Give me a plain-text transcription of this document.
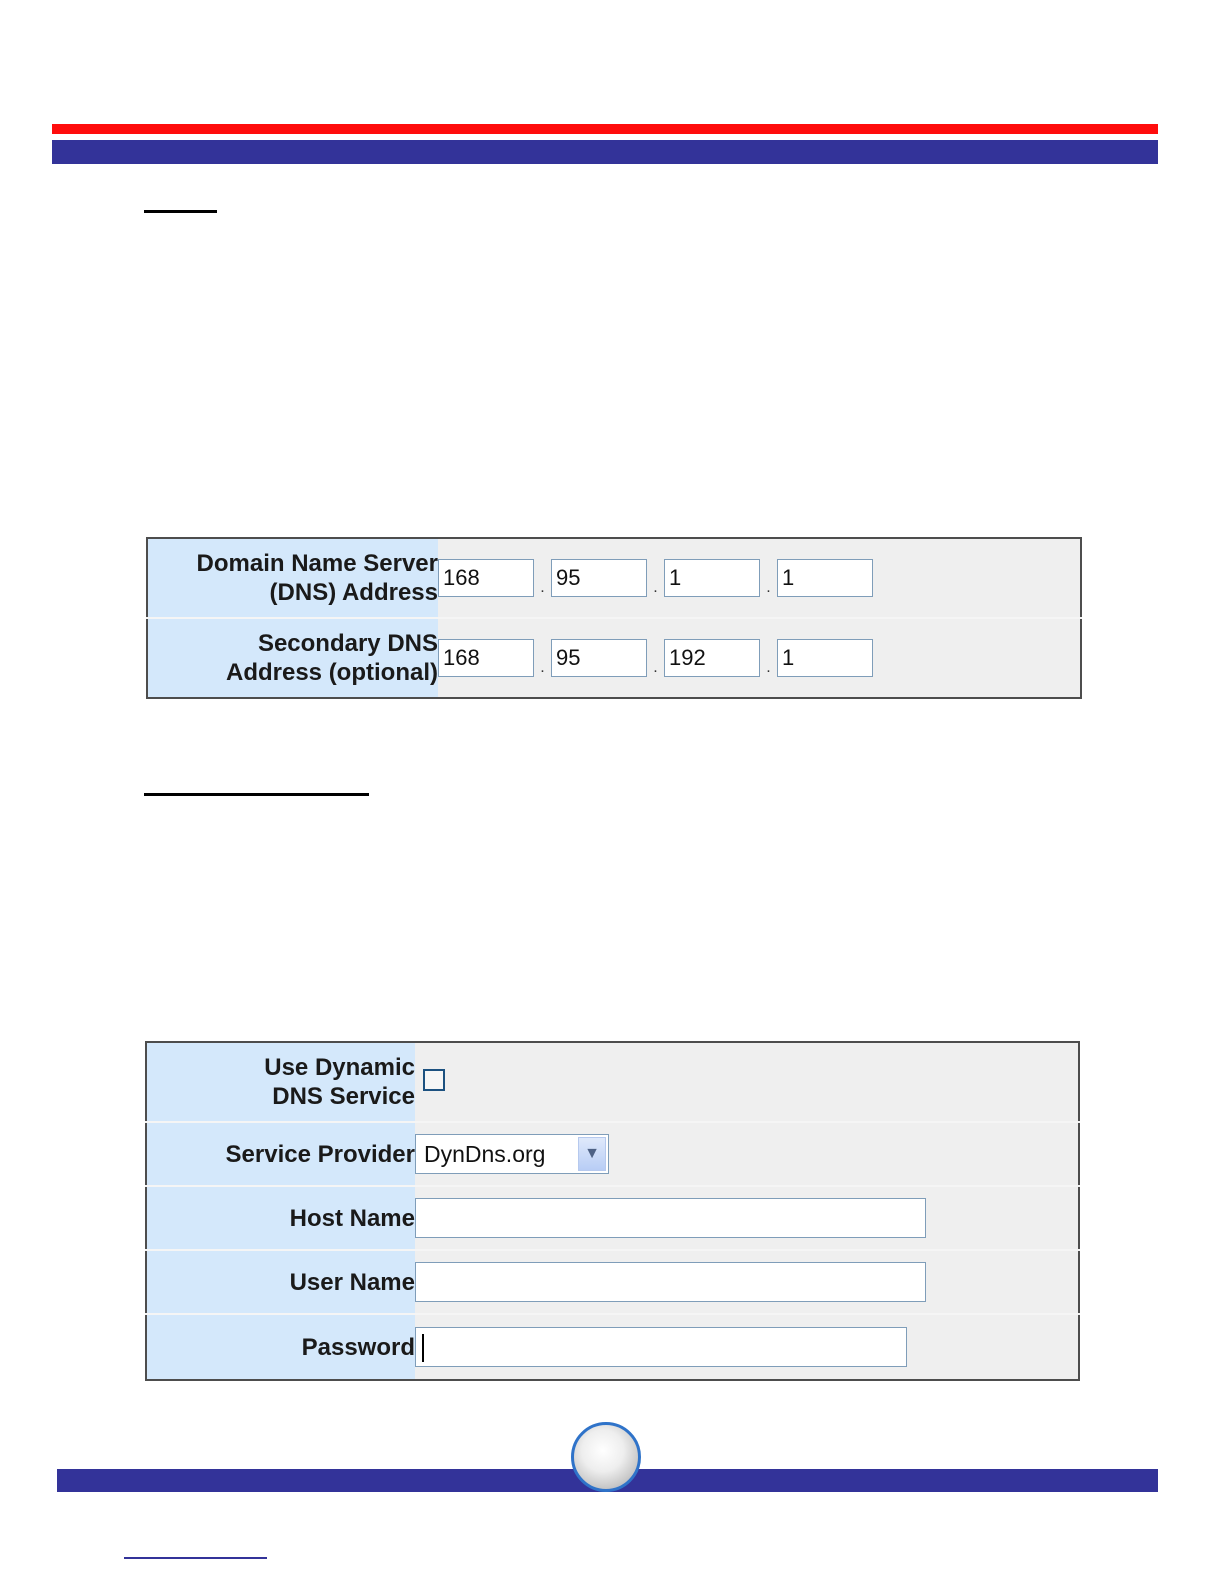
Domain Name Server
(DNS) Address	168 . 95 . 1 . 1
Secondary DNS
Address (optional)	168 . 95 . 192 . 1
Use Dynamic
DNS Service	
Service Provider	DynDns.org ▼

Host Name	
User Name	
Password	
